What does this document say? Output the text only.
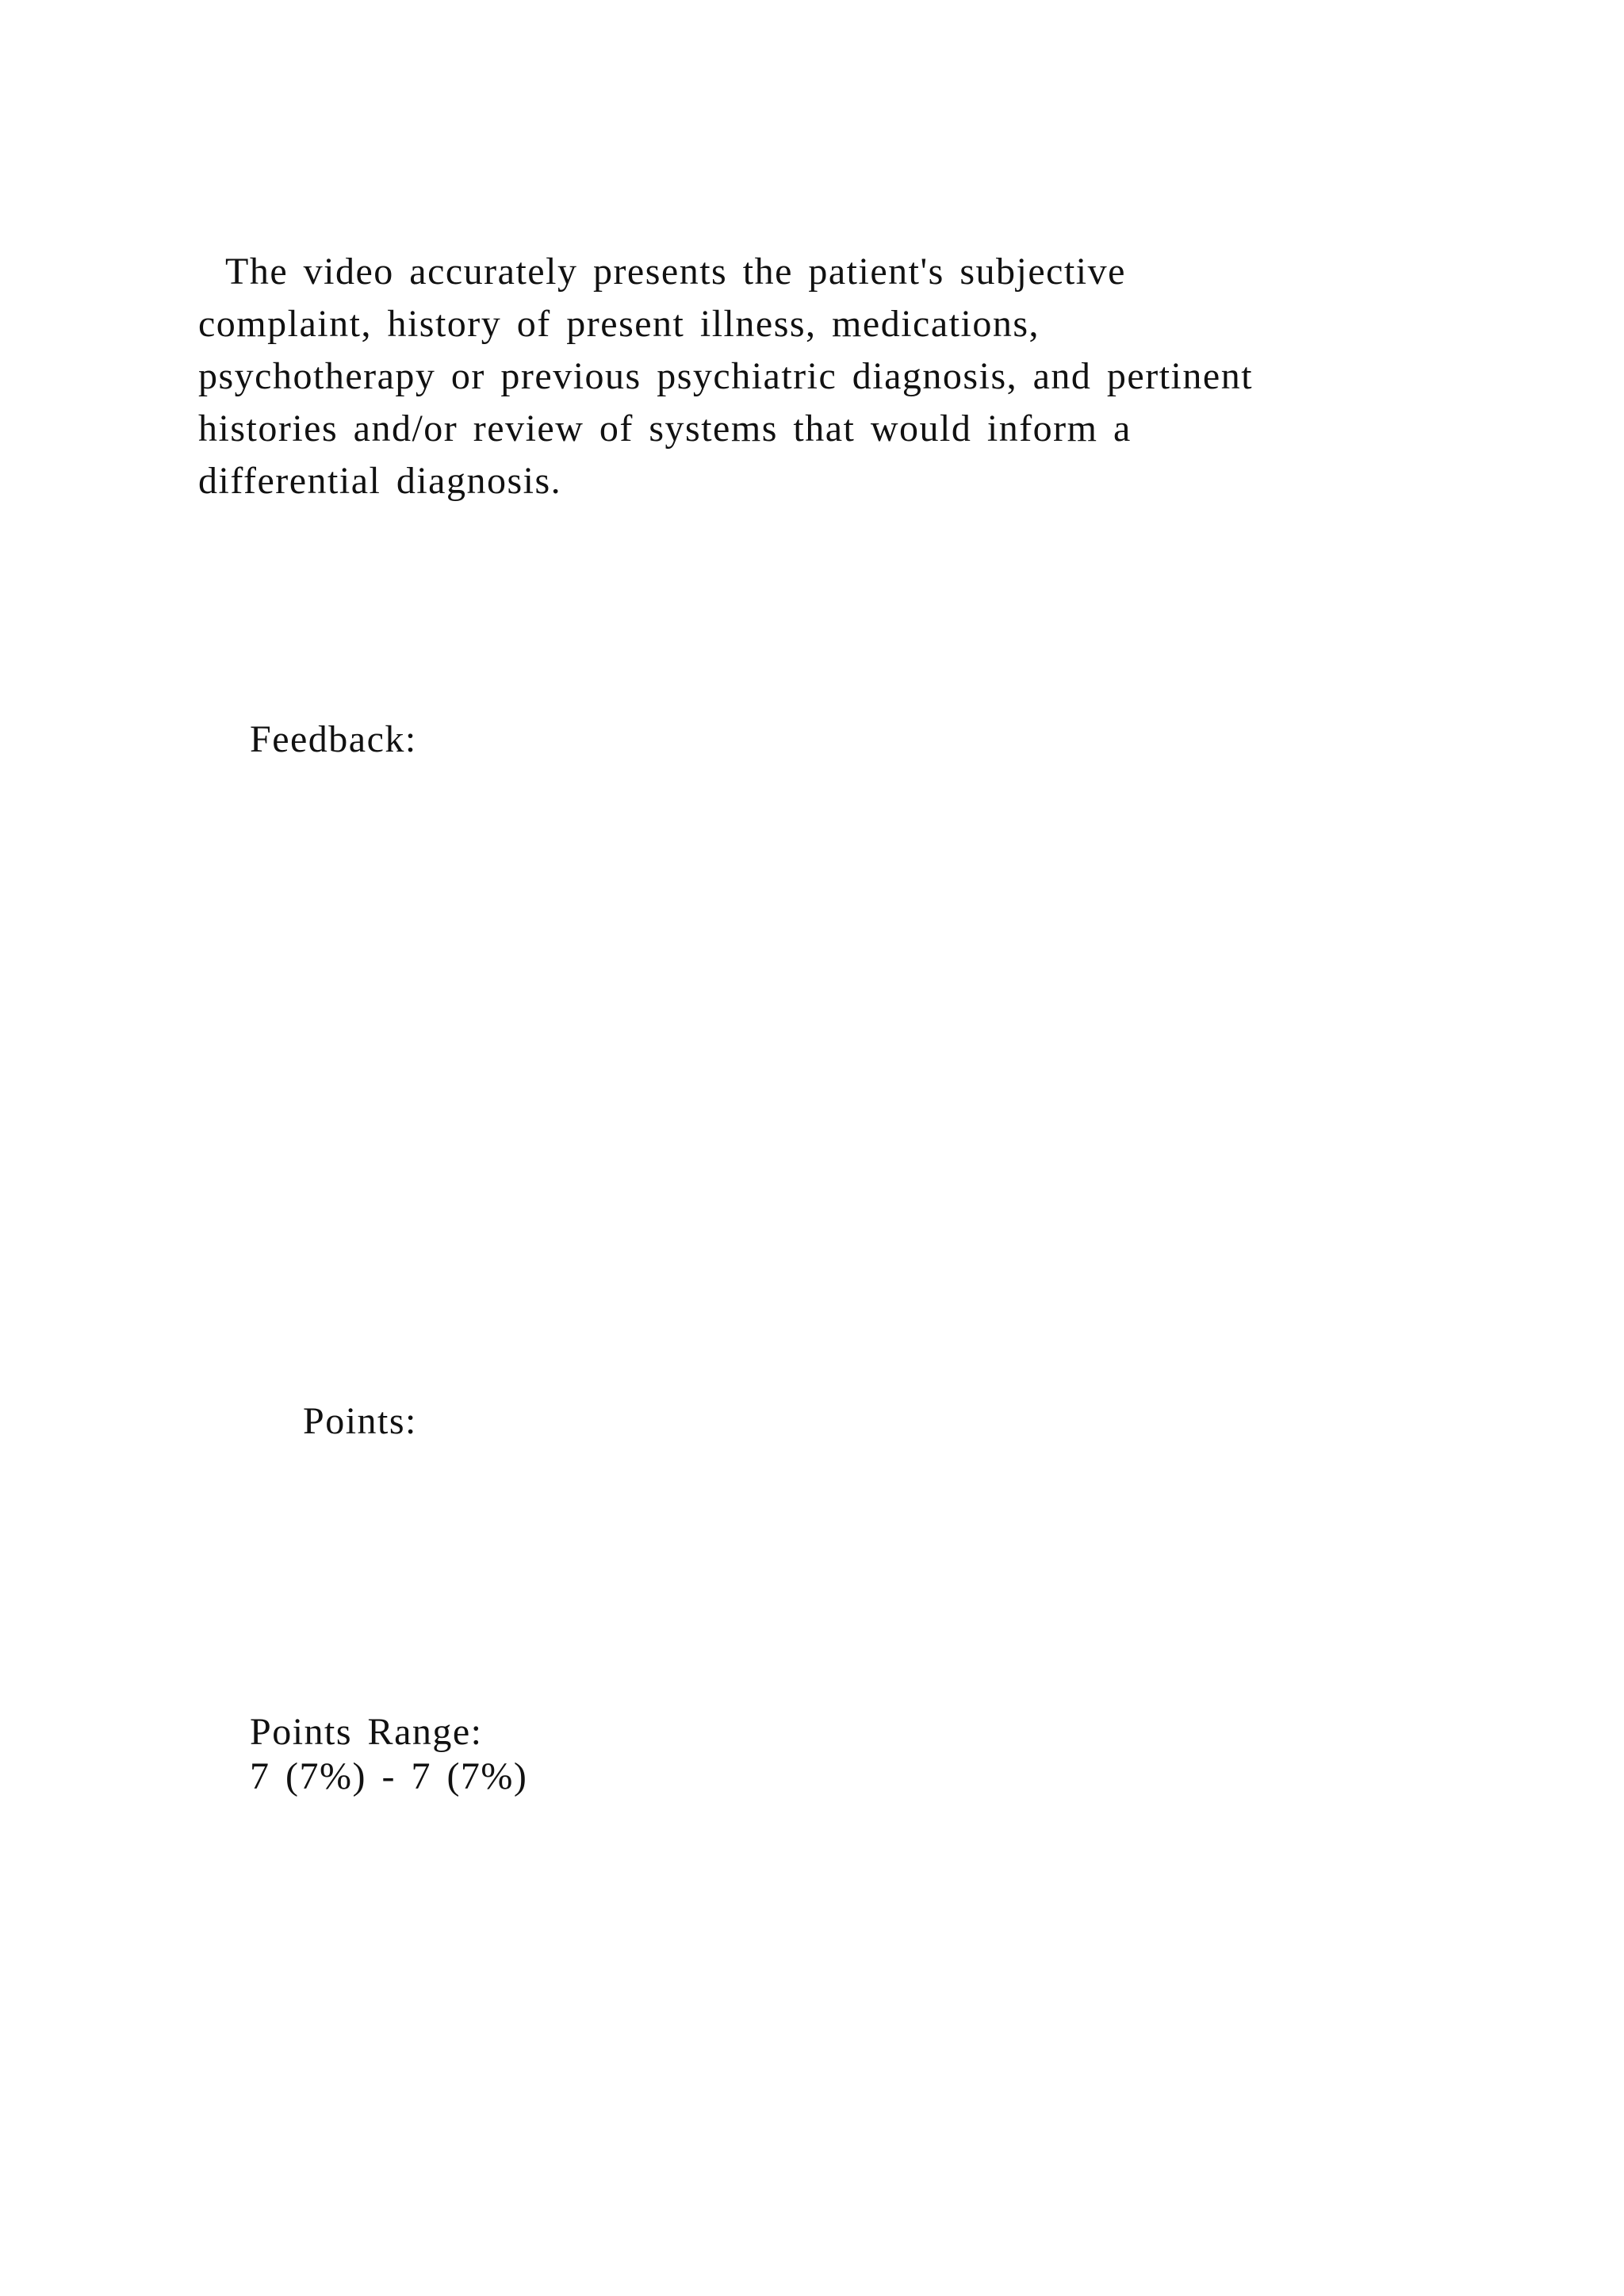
The video accurately presents the patient's subjective
complaint, history of present illness, medications,
psychotherapy or previous psychiatric diagnosis, and pertinent
histories and/or review of systems that would inform a
differential diagnosis.

Feedback:

Points:

Points Range:
7 (7%) - 7 (7%)
